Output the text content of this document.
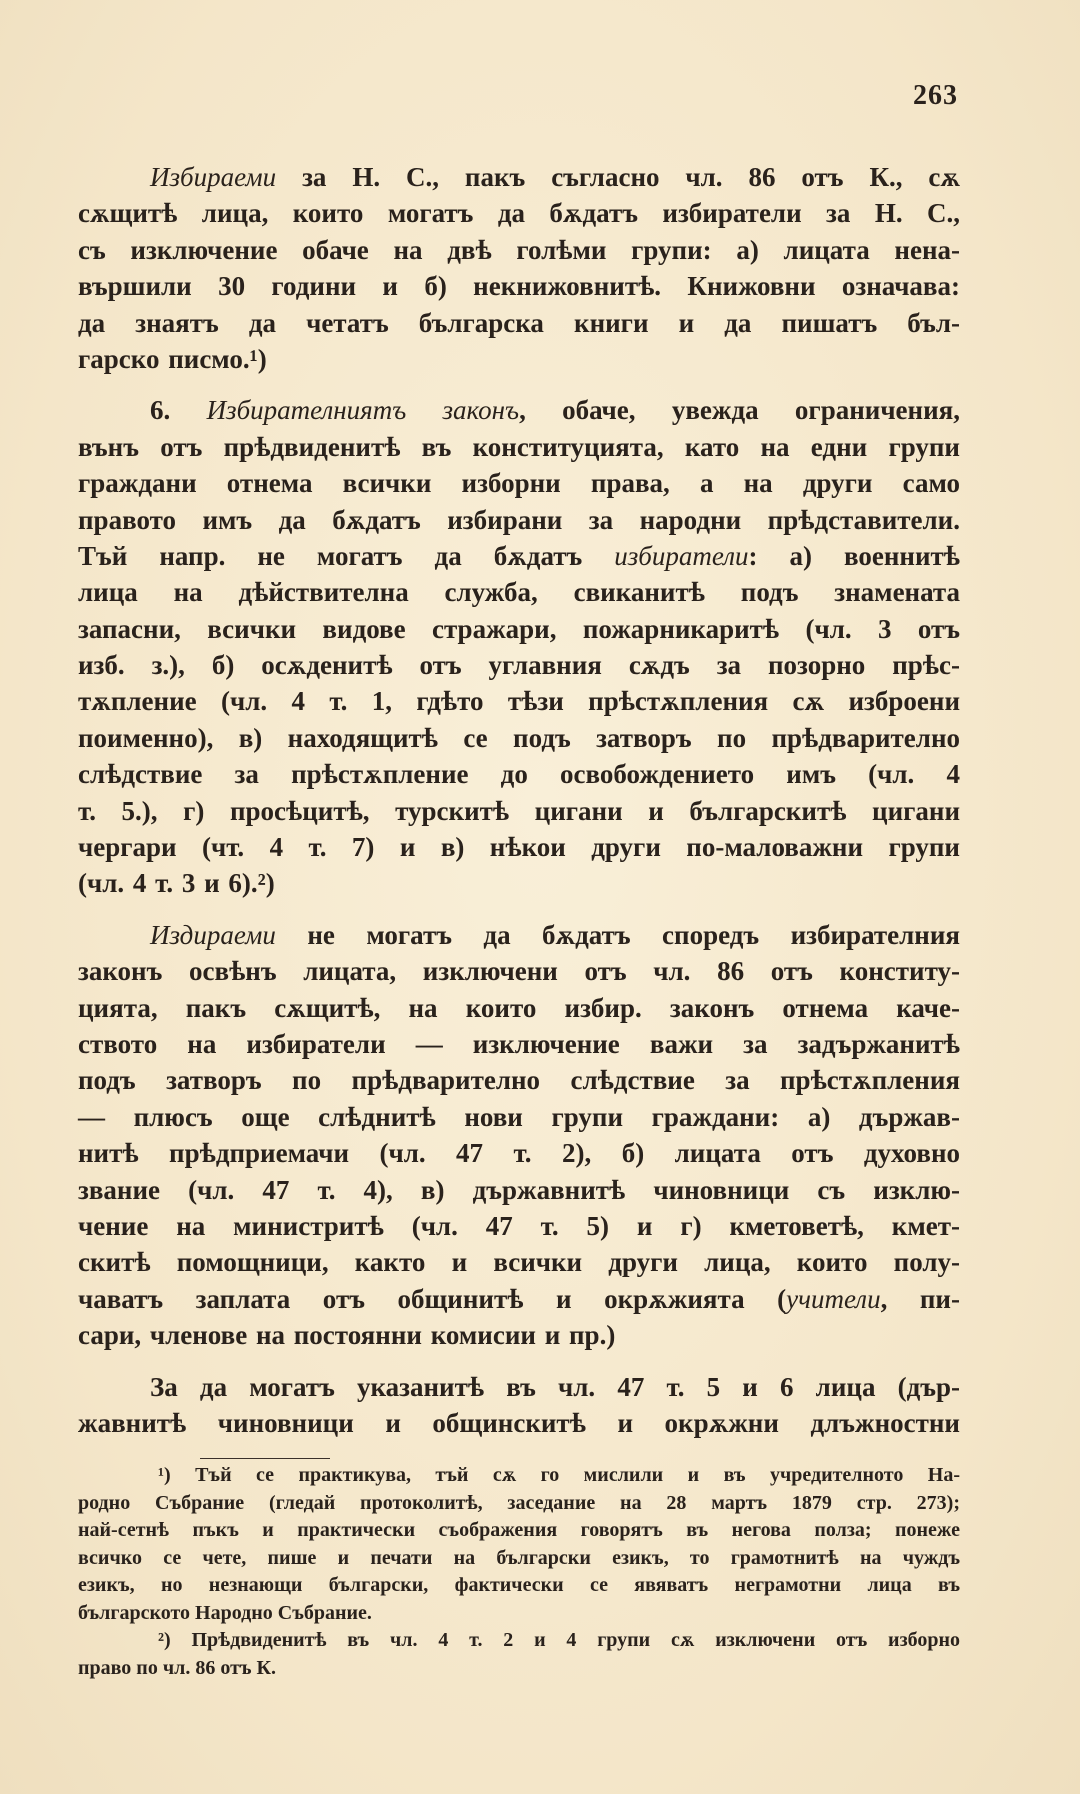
263
Избираеми за Н. С., пакъ съгласно чл. 86 отъ К., сѫ
сѫщитѣ лица, които могатъ да бѫдатъ избиратели за Н. С.,
съ изключение обаче на двѣ голѣми групи: а) лицата нена-
вършили 30 години и б) некнижовнитѣ. Книжовни означава:
да знаятъ да четатъ българска книги и да пишатъ бъл-
гарско писмо.¹)
6. Избирателниятъ законъ, обаче, увежда ограничения,
вънъ отъ прѣдвиденитѣ въ конституцията, като на едни групи
граждани отнема всички изборни права, а на други само
правото имъ да бѫдатъ избирани за народни прѣдставители.
Тъй напр. не могатъ да бѫдатъ избиратели: а) военнитѣ
лица на дѣйствителна служба, свиканитѣ подъ знамената
запасни, всички видове стражари, пожарникаритѣ (чл. 3 отъ
изб. з.), б) осѫденитѣ отъ углавния сѫдъ за позорно прѣс-
тѫпление (чл. 4 т. 1, гдѣто тѣзи прѣстѫпления сѫ изброени
поименно), в) находящитѣ се подъ затворъ по прѣдварително
слѣдствие за прѣстѫпление до освобождението имъ (чл. 4
т. 5.), г) просѣцитѣ, турскитѣ цигани и българскитѣ цигани
чергари (чт. 4 т. 7) и в) нѣкои други по-маловажни групи
(чл. 4 т. 3 и 6).²)
Издираеми не могатъ да бѫдатъ споредъ избирателния
законъ освѣнъ лицата, изключени отъ чл. 86 отъ конститу-
цията, пакъ сѫщитѣ, на които избир. законъ отнема каче-
ството на избиратели — изключение важи за задържанитѣ
подъ затворъ по прѣдварително слѣдствие за прѣстѫпления
— плюсъ още слѣднитѣ нови групи граждани: а) държав-
нитѣ прѣдприемачи (чл. 47 т. 2), б) лицата отъ духовно
звание (чл. 47 т. 4), в) държавнитѣ чиновници съ изклю-
чение на министритѣ (чл. 47 т. 5) и г) кметоветѣ, кмет-
скитѣ помощници, както и всички други лица, които полу-
чаватъ заплата отъ общинитѣ и окрѫжията (учители, пи-
сари, членове на постоянни комисии и пр.)
За да могатъ указанитѣ въ чл. 47 т. 5 и 6 лица (дър-
жавнитѣ чиновници и общинскитѣ и окрѫжни длъжностни
¹) Тъй се практикува, тъй сѫ го мислили и въ учредителното На-
родно Събрание (гледай протоколитѣ, заседание на 28 мартъ 1879 стр. 273);
най-сетнѣ пъкъ и практически съображения говорятъ въ негова полза; понеже
всичко се чете, пише и печати на български езикъ, то грамотнитѣ на чуждъ
езикъ, но незнающи български, фактически се явяватъ неграмотни лица въ
българското Народно Събрание.
²) Прѣдвиденитѣ въ чл. 4 т. 2 и 4 групи сѫ изключени отъ изборно
право по чл. 86 отъ К.
